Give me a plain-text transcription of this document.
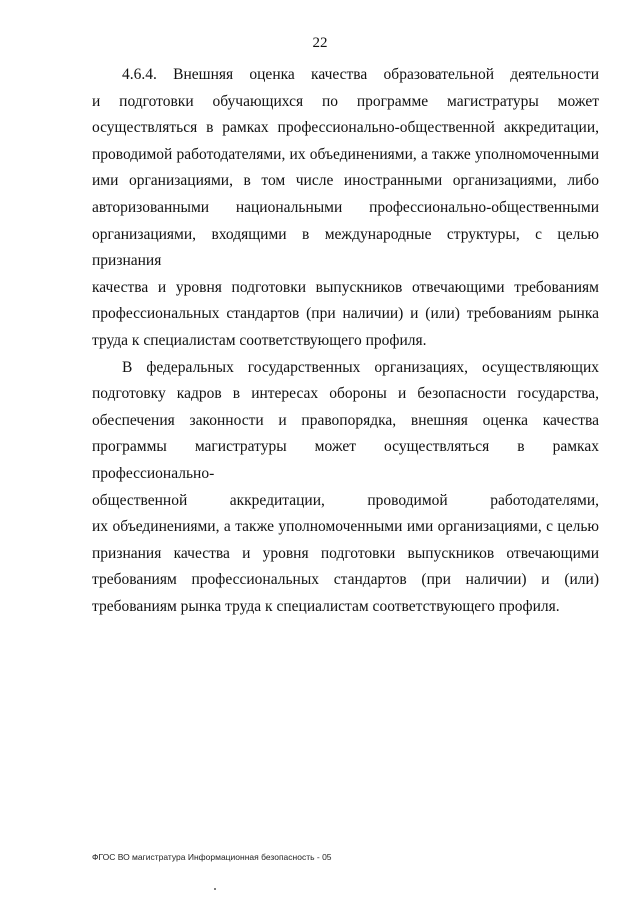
22
4.6.4. Внешняя оценка качества образовательной деятельности
и подготовки обучающихся по программе магистратуры может
осуществляться в рамках профессионально-общественной аккредитации,
проводимой работодателями, их объединениями, а также уполномоченными
ими организациями, в том числе иностранными организациями, либо
авторизованными национальными профессионально-общественными
организациями, входящими в международные структуры, с целью признания
качества и уровня подготовки выпускников отвечающими требованиям
профессиональных стандартов (при наличии) и (или) требованиям рынка
труда к специалистам соответствующего профиля.
В федеральных государственных организациях, осуществляющих
подготовку кадров в интересах обороны и безопасности государства,
обеспечения законности и правопорядка, внешняя оценка качества
программы магистратуры может осуществляться в рамках профессионально-
общественной аккредитации, проводимой работодателями,
их объединениями, а также уполномоченными ими организациями, с целью
признания качества и уровня подготовки выпускников отвечающими
требованиям профессиональных стандартов (при наличии) и (или)
требованиям рынка труда к специалистам соответствующего профиля.
ФГОС ВО магистратура Информационная безопасность - 05
